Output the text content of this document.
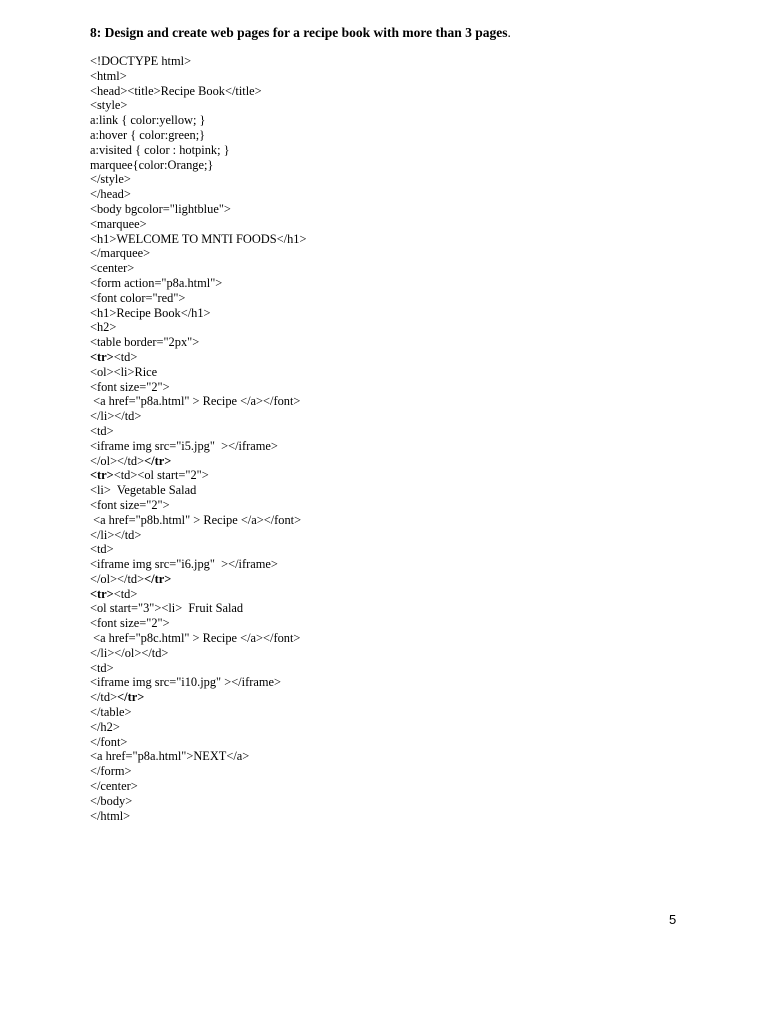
8: Design and create web pages for a recipe book with more than 3 pages.
<!DOCTYPE html>
<html>
<head><title>Recipe Book</title>
<style>
a:link { color:yellow; }
a:hover { color:green;}
a:visited { color : hotpink; }
marquee{color:Orange;}
</style>
</head>
<body bgcolor="lightblue">
<marquee>
<h1>WELCOME TO MNTI FOODS</h1>
</marquee>
<center>
<form action="p8a.html">
<font color="red">
<h1>Recipe Book</h1>
<h2>
<table border="2px">
<tr><td>
<ol><li>Rice
<font size="2">
<a href="p8a.html" > Recipe </a></font>
</li></td>
<td>
<iframe img src="i5.jpg"  ></iframe>
</ol></td></tr>
<tr><td><ol start="2">
<li>  Vegetable Salad
<font size="2">
<a href="p8b.html" > Recipe </a></font>
</li></td>
<td>
<iframe img src="i6.jpg"  ></iframe>
</ol></td></tr>
<tr><td>
<ol start="3"><li>  Fruit Salad
<font size="2">
<a href="p8c.html" > Recipe </a></font>
</li></ol></td>
<td>
<iframe img src="i10.jpg" ></iframe>
</td></tr>
</table>
</h2>
</font>
<a href="p8a.html">NEXT</a>
</form>
</center>
</body>
</html>
5
